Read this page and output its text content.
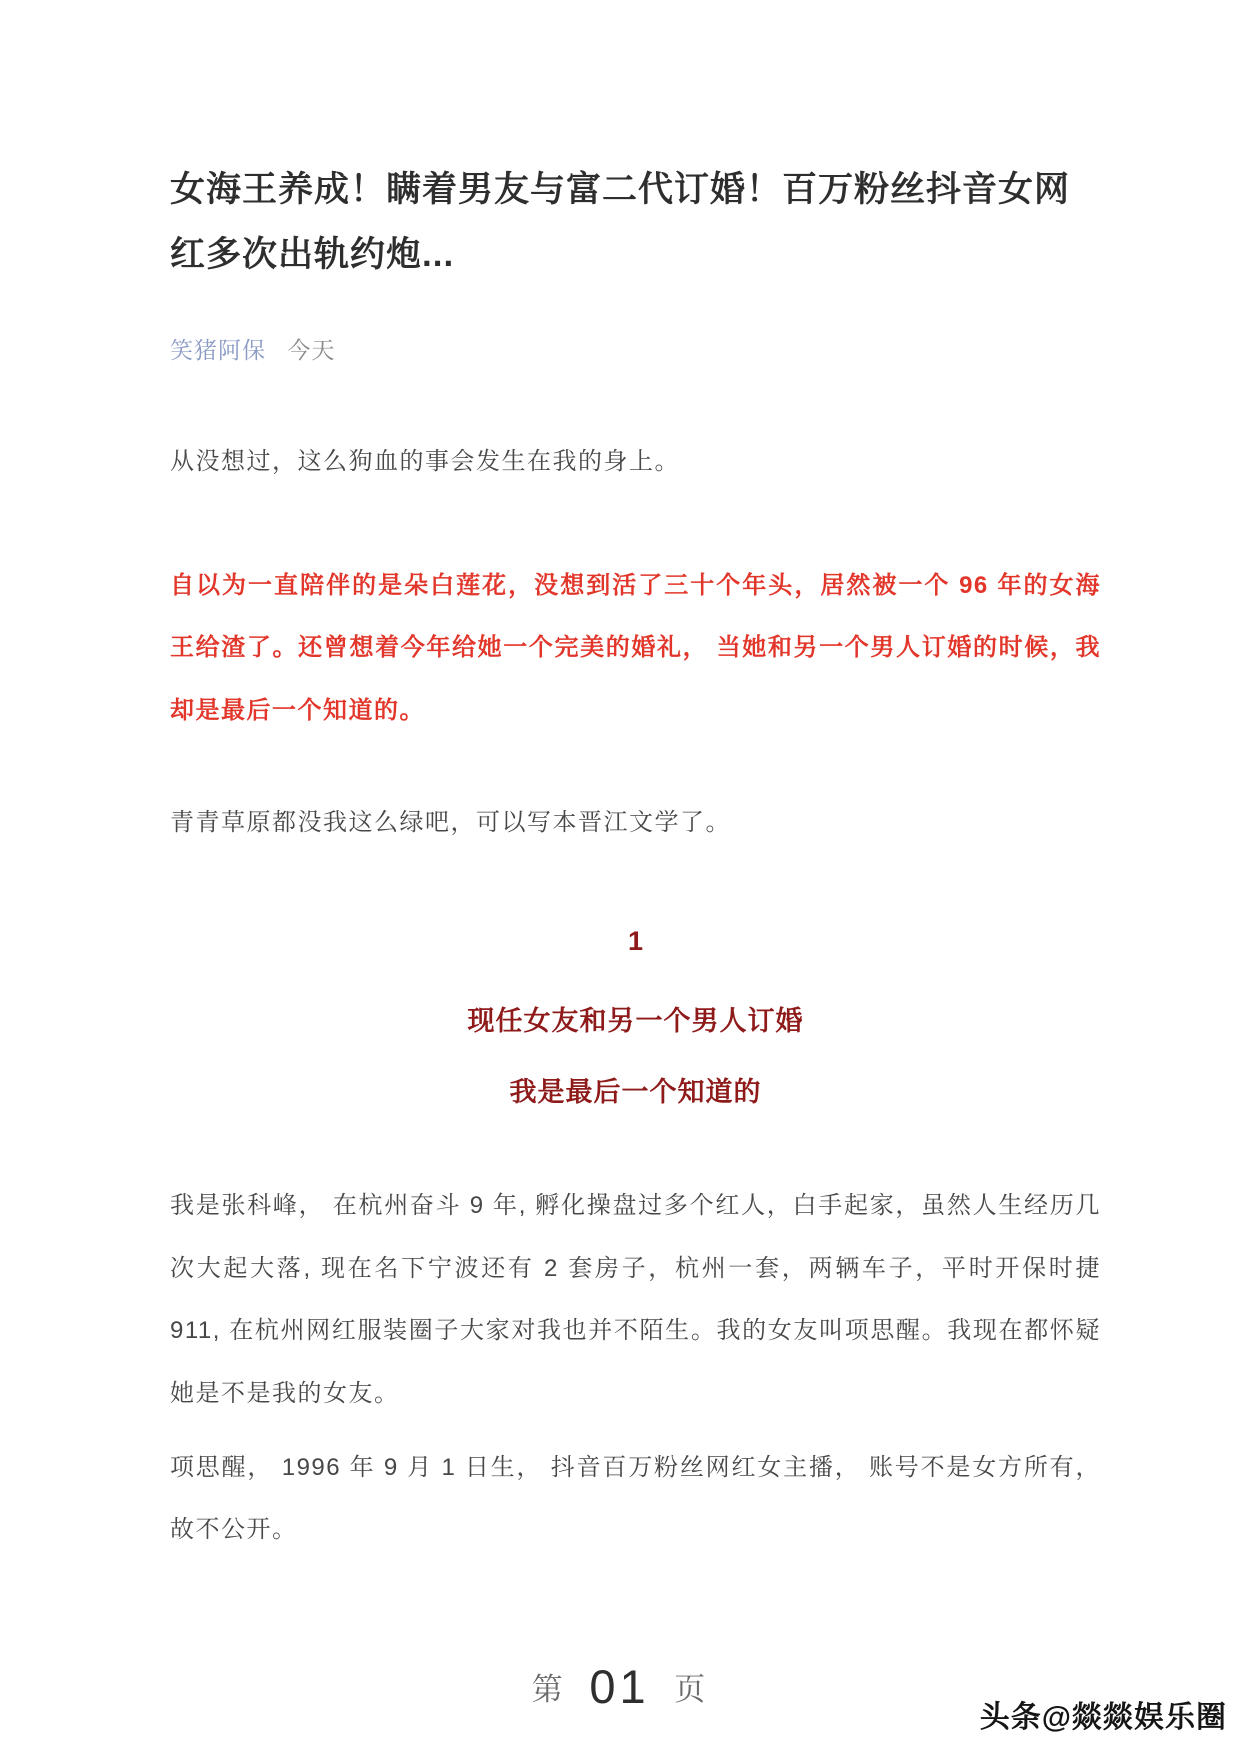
女海王养成！瞒着男友与富二代订婚！百万粉丝抖音女网红多次出轨约炮...
笑猪阿保 今天

从没想过，这么狗血的事会发生在我的身上。

自以为一直陪伴的是朵白莲花，没想到活了三十个年头，居然被一个 96 年的女海王给渣了。还曾想着今年给她一个完美的婚礼， 当她和另一个男人订婚的时候，我却是最后一个知道的。

青青草原都没我这么绿吧，可以写本晋江文学了。

1
现任女友和另一个男人订婚
我是最后一个知道的

我是张科峰， 在杭州奋斗 9 年, 孵化操盘过多个红人，白手起家，虽然人生经历几次大起大落, 现在名下宁波还有 2 套房子，杭州一套，两辆车子，平时开保时捷 911, 在杭州网红服装圈子大家对我也并不陌生。我的女友叫项思醒。我现在都怀疑她是不是我的女友。

项思醒， 1996 年 9 月 1 日生， 抖音百万粉丝网红女主播， 账号不是女方所有， 故不公开。

第 01 页
头条@燚燚娱乐圈
